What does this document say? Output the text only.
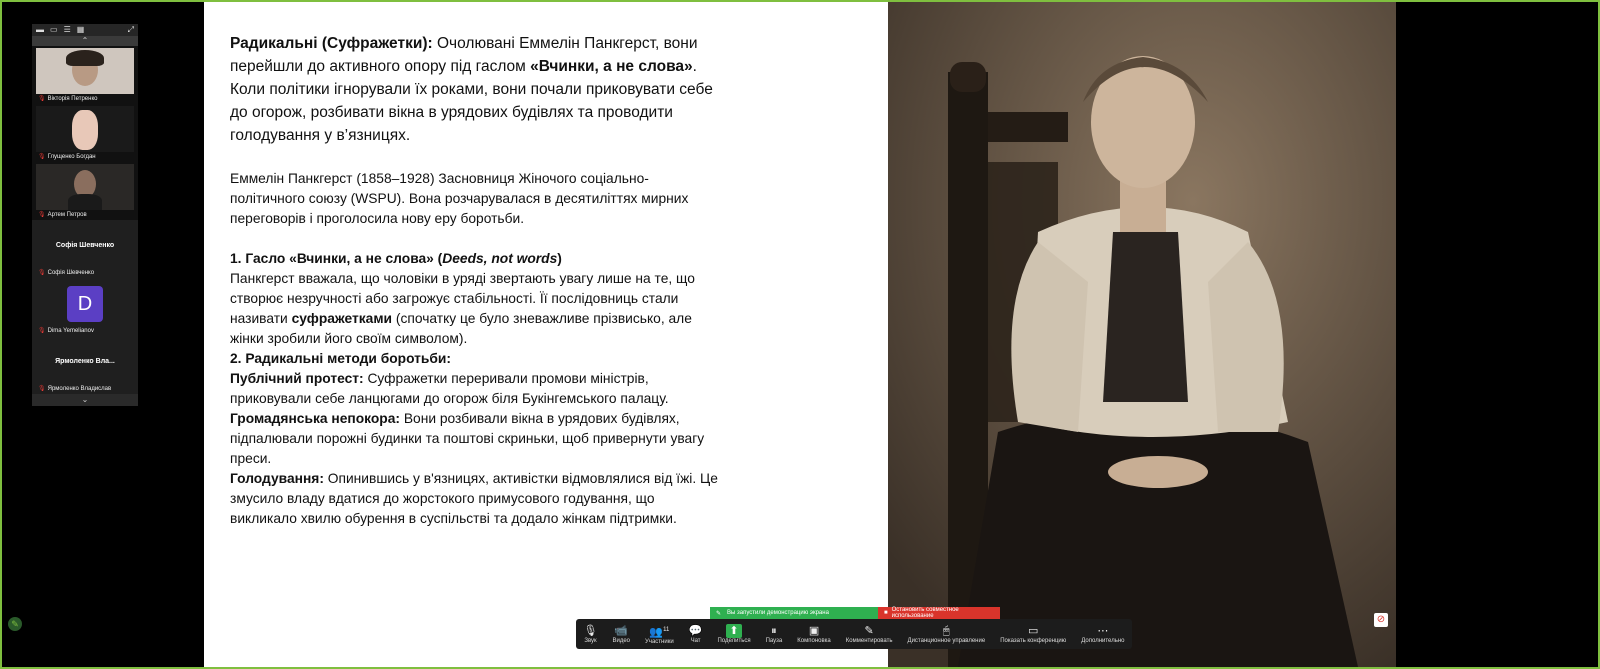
▬ ▭ ☰ ▦	⤢
⌃
🎙 Вікторія Петренко
🎙 Глущенко Богдан
🎙 Артем Петров
Софія Шевченко
🎙 Софія Шевченко
D
🎙 Dima Yemelianov
Ярмоленко Вла...
🎙 Ярмоленко Владислав
⌄

Радикальні (Суфражетки): Очолювані Еммелін Панкгерст, вони перейшли до активного опору під гаслом «Вчинки, а не слова». Коли політики ігнорували їх роками, вони почали приковувати себе до огорож, розбивати вікна в урядових будівлях та проводити голодування у в’язницях.

Еммелін Панкгерст (1858–1928) Засновниця Жіночого соціально-політичного союзу (WSPU). Вона розчарувалася в десятиліттях мирних переговорів і проголосила нову еру боротьби.

1. Гасло «Вчинки, а не слова» (Deeds, not words)
Панкгерст вважала, що чоловіки в уряді звертають увагу лише на те, що створює незручності або загрожує стабільності. Її послідовниць стали називати суфражетками (спочатку це було зневажливе прізвисько, але жінки зробили його своїм символом).
2. Радикальні методи боротьби:
Публічний протест: Суфражетки переривали промови міністрів, приковували себе ланцюгами до огорож біля Букінгемського палацу.
Громадянська непокора: Вони розбивали вікна в урядових будівлях, підпалювали порожні будинки та поштові скриньки, щоб привернути увагу преси.
Голодування: Опинившись у в'язницях, активістки відмовлялися від їжі. Це змусило владу вдатися до жорстокого примусового годування, що викликало хвилю обурення в суспільстві та додало жінкам підтримки.

✎ Вы запустили демонстрацию экрана	■ Остановить совместное использование
🎙
Звук
📹
Видео
👥$^{11}$
Участники
💬
Чат
⬆
Поделиться
⏸
Пауза
▣
Компоновка
✎
Комментировать
🖱
Дистанционное управление
▭
Показать конференцию
⋯
Дополнительно
⊘
✎
